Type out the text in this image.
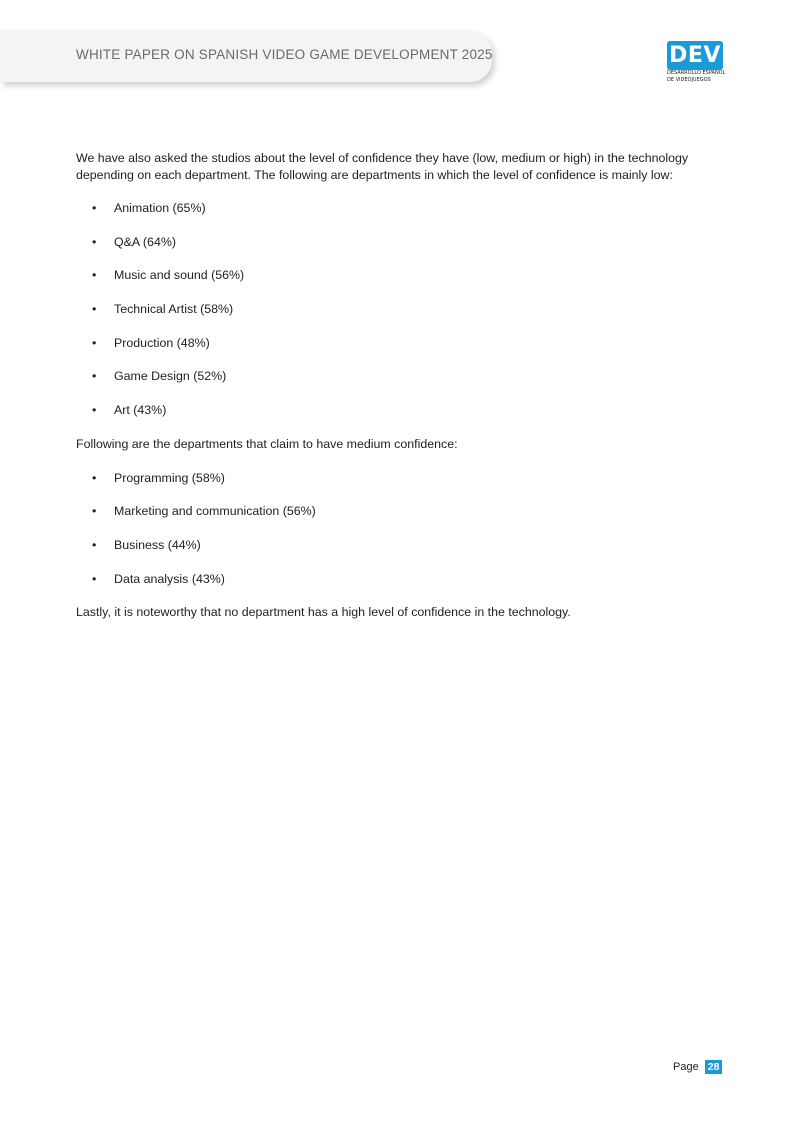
WHITE PAPER ON SPANISH VIDEO GAME DEVELOPMENT 2025	DEV
DESARROLLO ESPAÑOL
DE VIDEOJUEGOS

We have also asked the studios about the level of confidence they have (low, medium or high) in the technology depending on each department. The following are departments in which the level of confidence is mainly low:

• Animation (65%)
• Q&A (64%)
• Music and sound (56%)
• Technical Artist (58%)
• Production (48%)
• Game Design (52%)
• Art (43%)

Following are the departments that claim to have medium confidence:

• Programming (58%)
• Marketing and communication (56%)
• Business (44%)
• Data analysis (43%)

Lastly, it is noteworthy that no department has a high level of confidence in the technology.

Page 28
